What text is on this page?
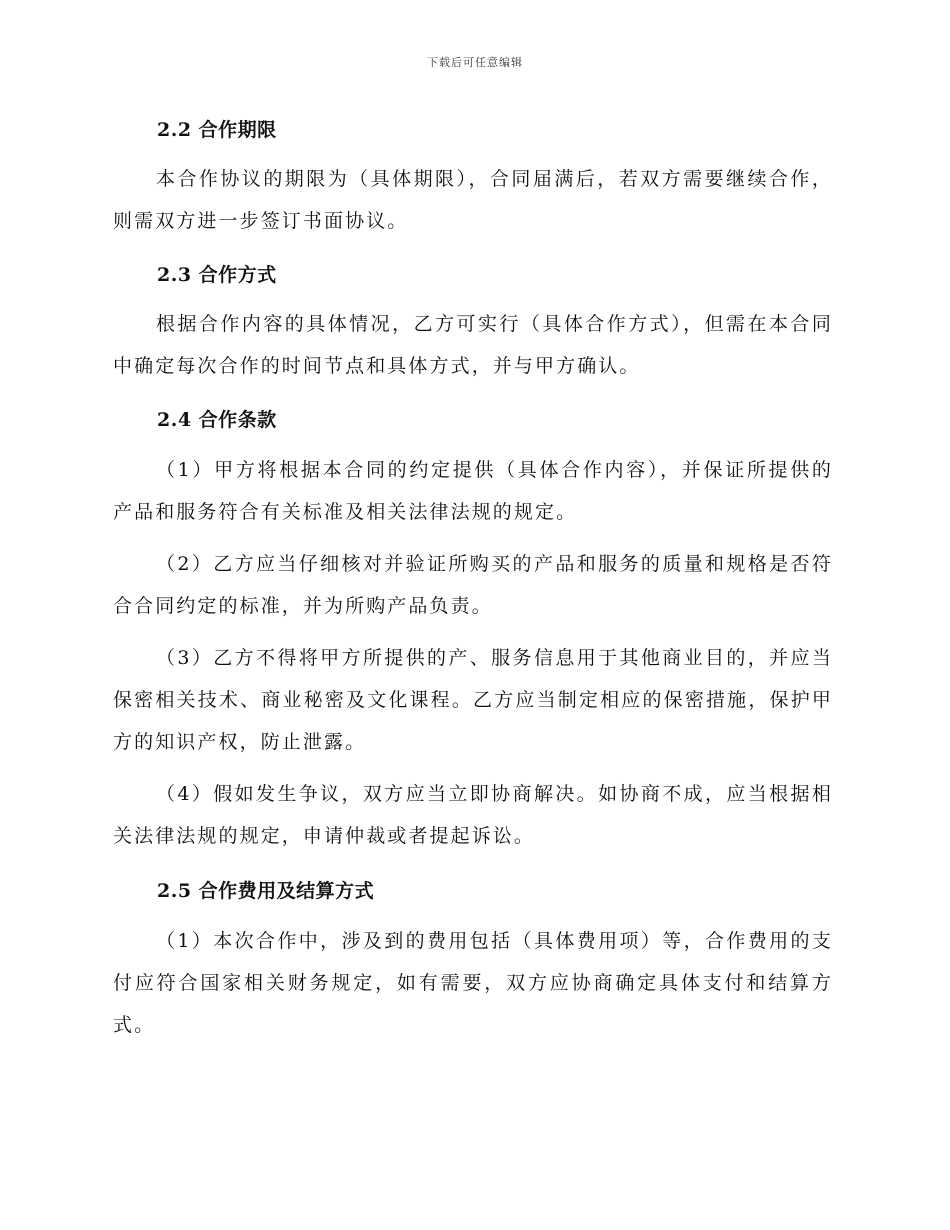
下载后可任意编辑
2.2 合作期限
本合作协议的期限为（具体期限），合同届满后，若双方需要继续合作，则需双方进一步签订书面协议。
2.3 合作方式
根据合作内容的具体情况，乙方可实行（具体合作方式），但需在本合同中确定每次合作的时间节点和具体方式，并与甲方确认。
2.4 合作条款
（1）甲方将根据本合同的约定提供（具体合作内容），并保证所提供的产品和服务符合有关标准及相关法律法规的规定。
（2）乙方应当仔细核对并验证所购买的产品和服务的质量和规格是否符合合同约定的标准，并为所购产品负责。
（3）乙方不得将甲方所提供的产、服务信息用于其他商业目的，并应当保密相关技术、商业秘密及文化课程。乙方应当制定相应的保密措施，保护甲方的知识产权，防止泄露。
（4）假如发生争议，双方应当立即协商解决。如协商不成，应当根据相关法律法规的规定，申请仲裁或者提起诉讼。
2.5 合作费用及结算方式
（1）本次合作中，涉及到的费用包括（具体费用项）等，合作费用的支付应符合国家相关财务规定，如有需要，双方应协商确定具体支付和结算方式。
